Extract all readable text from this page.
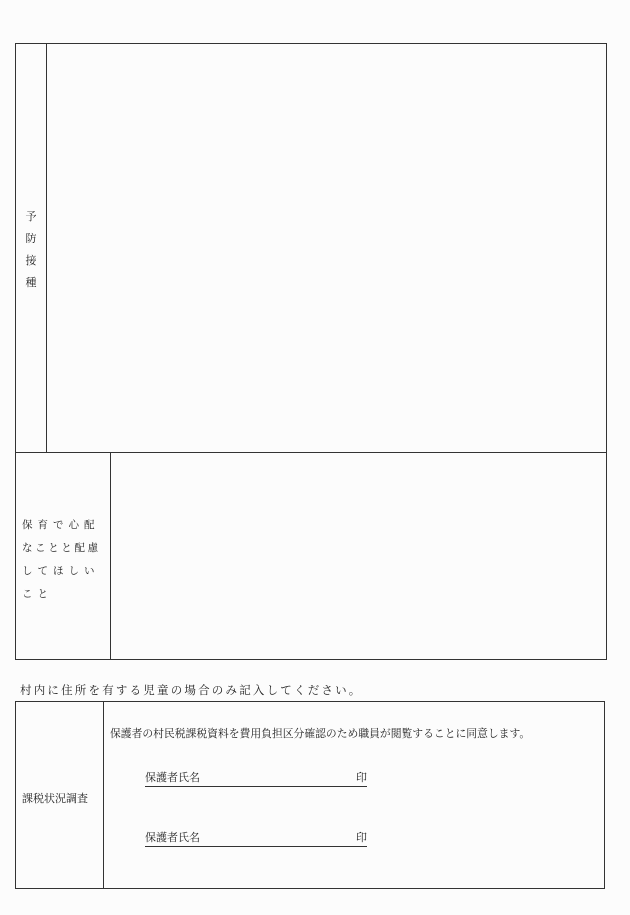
予
防
接
種
保育で心配
なことと配慮
してほしい
こと
村内に住所を有する児童の場合のみ記入してください。
課税状況調査
保護者の村民税課税資料を費用負担区分確認のため職員が閲覧することに同意します。
保護者氏名	印
保護者氏名	印
